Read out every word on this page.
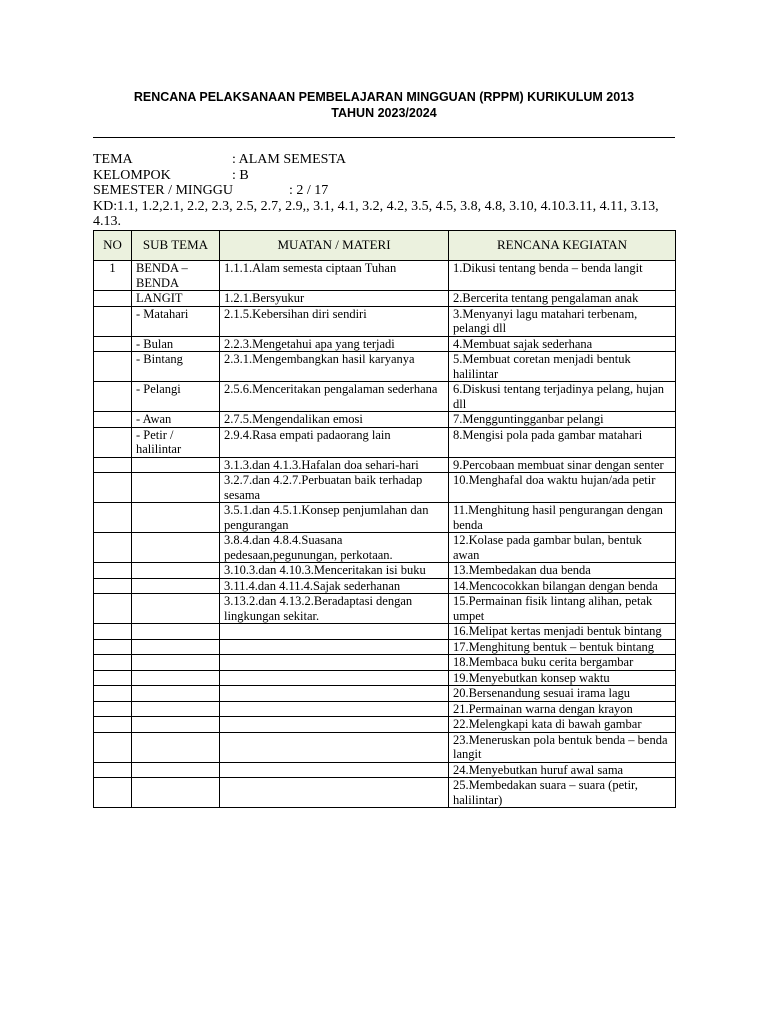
RENCANA PELAKSANAAN PEMBELAJARAN MINGGUAN (RPPM) KURIKULUM 2013
TAHUN 2023/2024
TEMA	: ALAM SEMESTA
KELOMPOK	: B
SEMESTER / MINGGU	: 2 / 17
KD:1.1, 1.2,2.1, 2.2, 2.3, 2.5, 2.7, 2.9,, 3.1, 4.1, 3.2, 4.2, 3.5, 4.5, 3.8, 4.8, 3.10, 4.10.3.11, 4.11, 3.13, 4.13.
NO	SUB TEMA	MUATAN / MATERI	RENCANA KEGIATAN
1	BENDA – BENDA	1.1.1.Alam semesta ciptaan Tuhan	1.Dikusi tentang benda – benda langit
	LANGIT	1.2.1.Bersyukur	2.Bercerita tentang pengalaman anak
	- Matahari	2.1.5.Kebersihan diri sendiri	3.Menyanyi lagu matahari terbenam, pelangi dll
	- Bulan	2.2.3.Mengetahui apa yang terjadi	4.Membuat sajak sederhana
	- Bintang	2.3.1.Mengembangkan hasil karyanya	5.Membuat coretan menjadi bentuk halilintar
	- Pelangi	2.5.6.Menceritakan pengalaman sederhana	6.Diskusi tentang terjadinya pelang, hujan dll
	- Awan	2.7.5.Mengendalikan emosi	7.Mengguntingganbar pelangi
	- Petir / halilintar	2.9.4.Rasa empati padaorang lain	8.Mengisi pola pada gambar matahari
		3.1.3.dan 4.1.3.Hafalan doa sehari-hari	9.Percobaan membuat sinar dengan senter
		3.2.7.dan 4.2.7.Perbuatan baik terhadap sesama	10.Menghafal doa waktu hujan/ada petir
		3.5.1.dan 4.5.1.Konsep penjumlahan dan pengurangan	11.Menghitung hasil pengurangan dengan benda
		3.8.4.dan 4.8.4.Suasana pedesaan,pegunungan, perkotaan.	12.Kolase pada gambar bulan, bentuk awan
		3.10.3.dan 4.10.3.Menceritakan isi buku	13.Membedakan dua benda
		3.11.4.dan 4.11.4.Sajak sederhanan	14.Mencocokkan bilangan dengan benda
		3.13.2.dan 4.13.2.Beradaptasi dengan lingkungan sekitar.	15.Permainan fisik lintang alihan, petak umpet
			16.Melipat kertas menjadi bentuk bintang
			17.Menghitung bentuk – bentuk bintang
			18.Membaca buku cerita bergambar
			19.Menyebutkan konsep waktu
			20.Bersenandung sesuai irama lagu
			21.Permainan warna dengan krayon
			22.Melengkapi kata di bawah gambar
			23.Meneruskan pola bentuk benda – benda langit
			24.Menyebutkan huruf awal sama
			25.Membedakan suara – suara (petir, halilintar)
